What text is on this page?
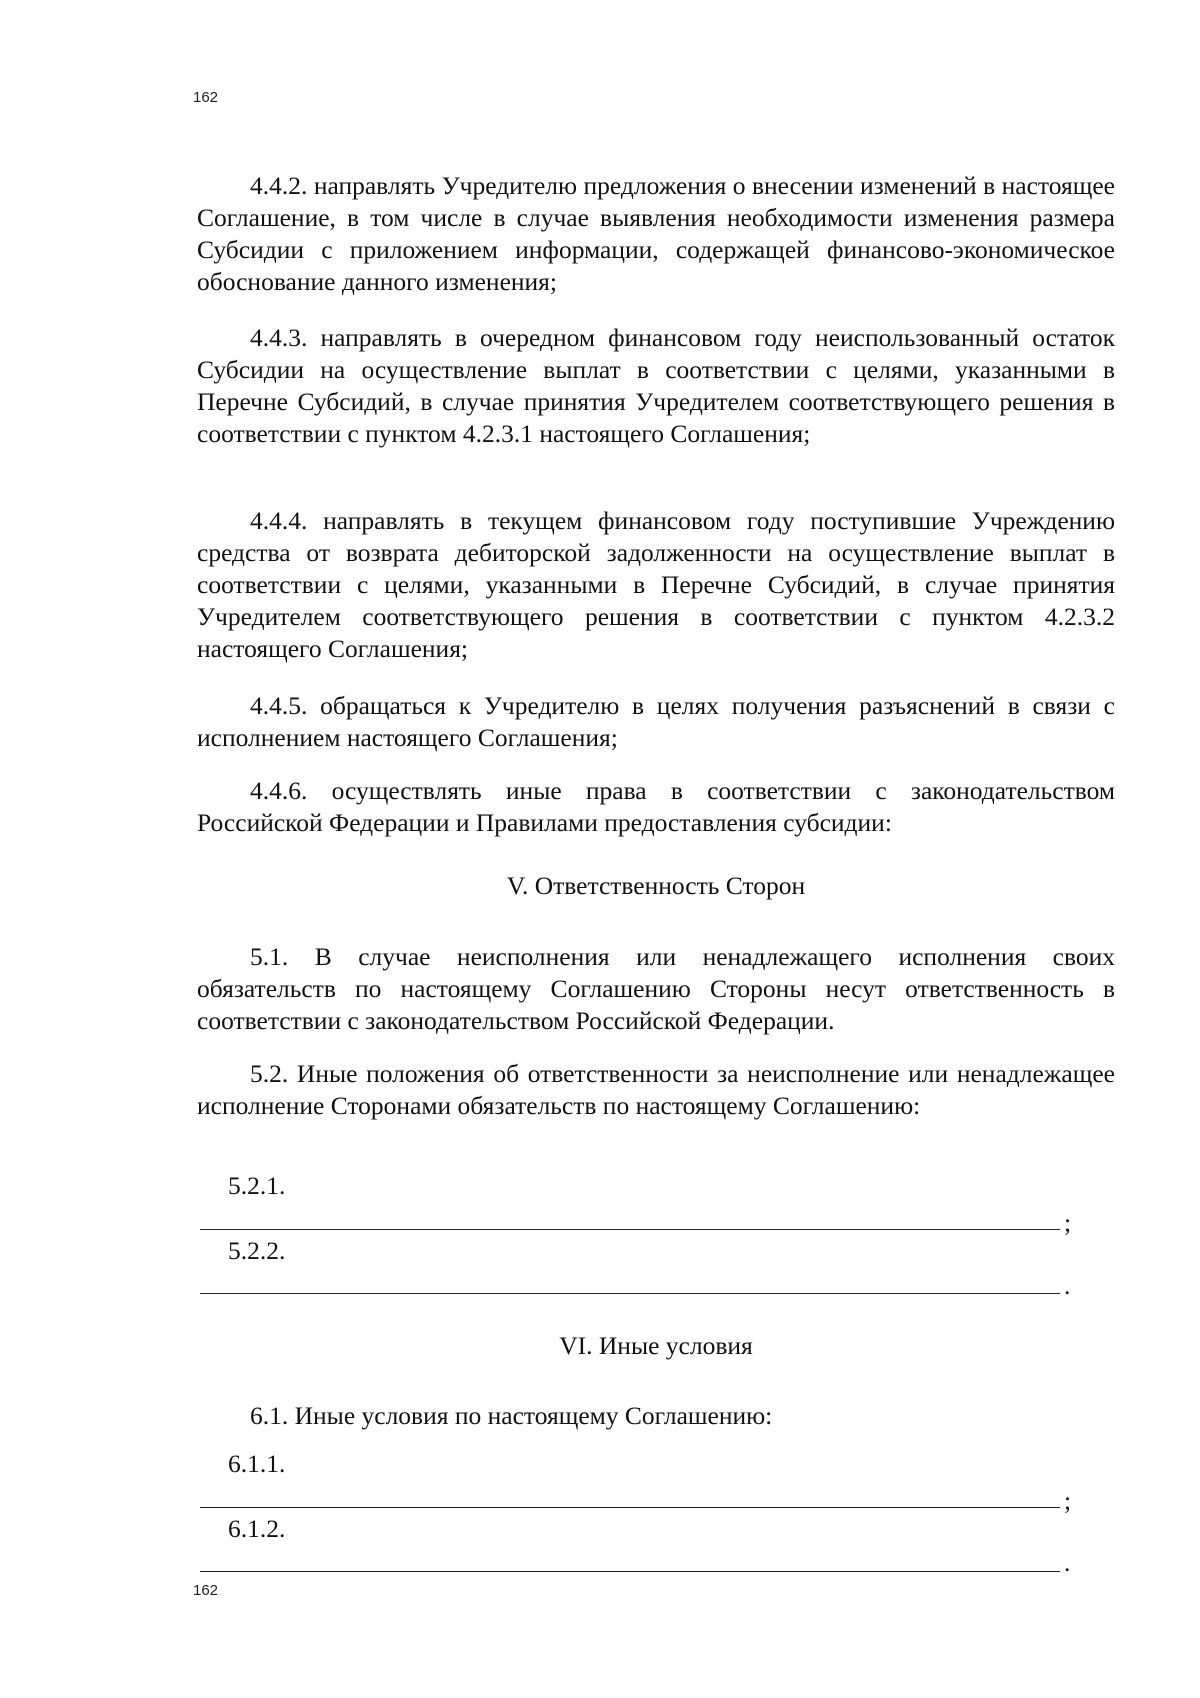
162
4.4.2. направлять Учредителю предложения о внесении изменений в настоящее Соглашение, в том числе в случае выявления необходимости изменения размера Субсидии с приложением информации, содержащей финансово-экономическое обоснование данного изменения;
4.4.3. направлять в очередном финансовом году неиспользованный остаток Субсидии на осуществление выплат в соответствии с целями, указанными в Перечне Субсидий, в случае принятия Учредителем соответствующего решения в соответствии с пунктом 4.2.3.1 настоящего Соглашения;
4.4.4. направлять в текущем финансовом году поступившие Учреждению средства от возврата дебиторской задолженности на осуществление выплат в соответствии с целями, указанными в Перечне Субсидий, в случае принятия Учредителем соответствующего решения в соответствии с пунктом 4.2.3.2 настоящего Соглашения;
4.4.5. обращаться к Учредителю в целях получения разъяснений в связи с исполнением настоящего Соглашения;
4.4.6. осуществлять иные права в соответствии с законодательством Российской Федерации и Правилами предоставления субсидии:
V. Ответственность Сторон
5.1. В случае неисполнения или ненадлежащего исполнения своих обязательств по настоящему Соглашению Стороны несут ответственность в соответствии с законодательством Российской Федерации.
5.2. Иные положения об ответственности за неисполнение или ненадлежащее исполнение Сторонами обязательств по настоящему Соглашению:
5.2.1.
;
5.2.2.
.
VI. Иные условия
6.1. Иные условия по настоящему Соглашению:
6.1.1.
;
6.1.2.
.
162
